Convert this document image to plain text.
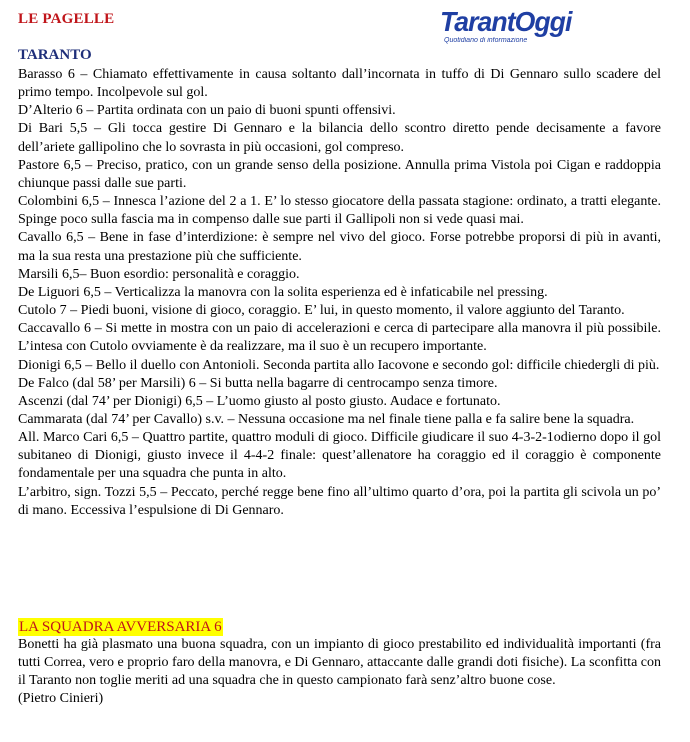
LE PAGELLE	TarantOggi
Quotidiano di informazione
TARANTO

Barasso 6 – Chiamato effettivamente in causa soltanto dall’incornata in tuffo di Di Gennaro sullo scadere del primo tempo. Incolpevole sul gol.

D’Alterio 6 – Partita ordinata con un paio di buoni spunti offensivi.

Di Bari 5,5 – Gli tocca gestire Di Gennaro e la bilancia dello scontro diretto pende decisamente a favore dell’ariete gallipolino che lo sovrasta in più occasioni, gol compreso.

Pastore 6,5 – Preciso, pratico, con un grande senso della posizione. Annulla prima Vistola poi Cigan e raddoppia chiunque passi dalle sue parti.

Colombini 6,5 – Innesca l’azione del 2 a 1. E’ lo stesso giocatore della passata stagione: ordinato, a tratti elegante. Spinge poco sulla fascia ma in compenso dalle sue parti il Gallipoli non si vede quasi mai.

Cavallo 6,5 – Bene in fase d’interdizione: è sempre nel vivo del gioco. Forse potrebbe proporsi di più in avanti, ma la sua resta una prestazione più che sufficiente.

Marsili 6,5– Buon esordio: personalità e coraggio.

De Liguori 6,5 – Verticalizza la manovra con la solita esperienza ed è infaticabile nel pressing.

Cutolo 7 – Piedi buoni, visione di gioco, coraggio. E’ lui, in questo momento, il valore aggiunto del Taranto.

Caccavallo 6 – Si mette in mostra con un paio di accelerazioni e cerca di partecipare alla manovra il più possibile. L’intesa con Cutolo ovviamente è da realizzare, ma il suo è un recupero importante.

Dionigi 6,5 – Bello il duello con Antonioli. Seconda partita allo Iacovone e secondo gol: difficile chiedergli di più.

De Falco (dal 58’ per Marsili) 6 – Si butta nella bagarre di centrocampo senza timore.

Ascenzi (dal 74’ per Dionigi) 6,5 – L’uomo giusto al posto giusto. Audace e fortunato.

Cammarata (dal 74’ per Cavallo) s.v. – Nessuna occasione ma nel finale tiene palla e fa salire bene la squadra.

All. Marco Cari 6,5 – Quattro partite, quattro moduli di gioco. Difficile giudicare il suo 4-3-2-1odierno dopo il gol subitaneo di Dionigi, giusto invece il 4-4-2 finale: quest’allenatore ha coraggio ed il coraggio è componente fondamentale per una squadra che punta in alto.

L’arbitro, sign. Tozzi 5,5 – Peccato, perché regge bene fino all’ultimo quarto d’ora, poi la partita gli scivola un po’ di mano. Eccessiva l’espulsione di Di Gennaro.

LA SQUADRA AVVERSARIA 6

Bonetti ha già plasmato una buona squadra, con un impianto di gioco prestabilito ed individualità importanti (fra tutti Correa, vero e proprio faro della manovra, e Di Gennaro, attaccante dalle grandi doti fisiche). La sconfitta con il Taranto non toglie meriti ad una squadra che in questo campionato farà senz’altro buone cose.

(Pietro Cinieri)
